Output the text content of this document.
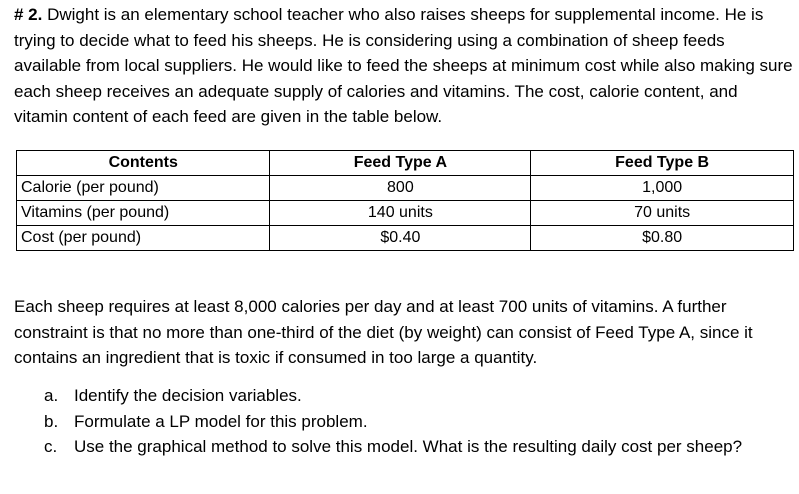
# 2. Dwight is an elementary school teacher who also raises sheeps for supplemental income. He is trying to decide what to feed his sheeps. He is considering using a combination of sheep feeds available from local suppliers. He would like to feed the sheeps at minimum cost while also making sure each sheep receives an adequate supply of calories and vitamins. The cost, calorie content, and vitamin content of each feed are given in the table below.

Contents	Feed Type A	Feed Type B
Calorie (per pound)	800	1,000
Vitamins (per pound)	140 units	70 units
Cost (per pound)	$0.40	$0.80

Each sheep requires at least 8,000 calories per day and at least 700 units of vitamins. A further constraint is that no more than one-third of the diet (by weight) can consist of Feed Type A, since it contains an ingredient that is toxic if consumed in too large a quantity.

a. Identify the decision variables.
b. Formulate a LP model for this problem.
c. Use the graphical method to solve this model. What is the resulting daily cost per sheep?
